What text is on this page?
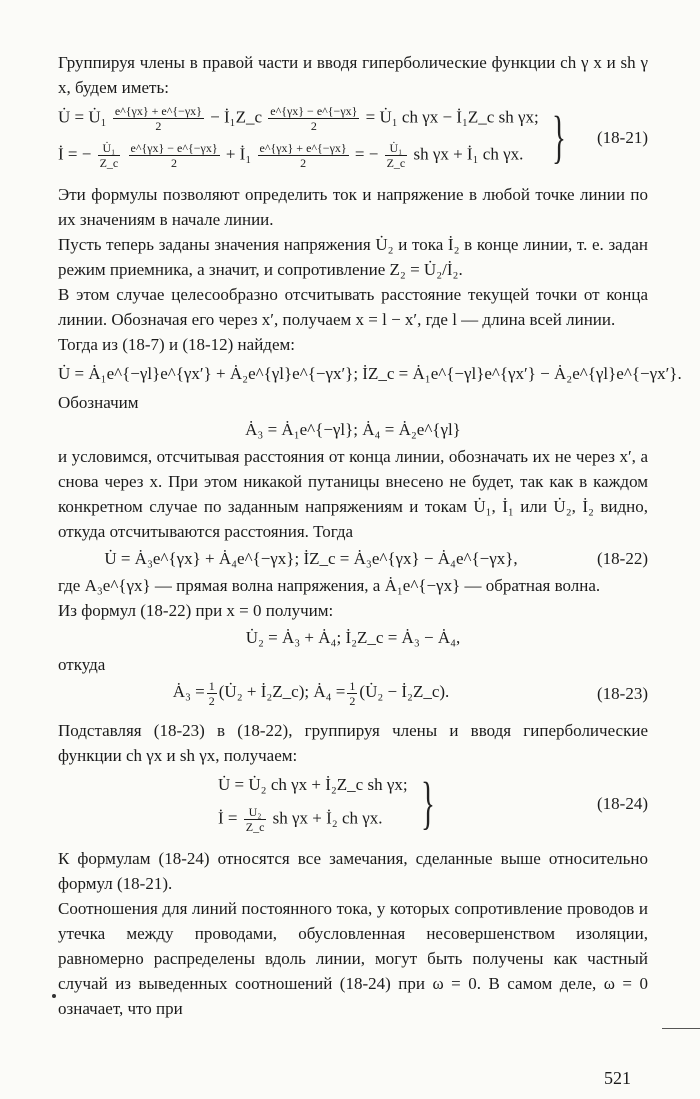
Группируя члены в правой части и вводя гиперболические функции ch γ x и sh γ x, будем иметь:

U̇ = U̇₁ $\frac{e\^{}\{\gamma x\} + e\^{}\{-\gamma x\}}{2}$ − İ₁Z_c $\frac{e\^{}\{\gamma x\} - e\^{}\{-\gamma x\}}{2}$ = U̇₁ ch γx − İ₁Z_c sh γx;
İ = − $\frac{\text{U̇₁}}{Z\_c}$
$\frac{e\^{}\{\gamma x\} - e\^{}\{-\gamma x\}}{2}$ + İ₁ $\frac{e\^{}\{\gamma x\} + e\^{}\{-\gamma x\}}{2}$ = − $\frac{\text{U̇₁}}{Z\_c}$ sh γx + İ₁ ch γx. } (18-21)

Эти формулы позволяют определить ток и напряжение в любой точке линии по их значениям в начале линии.

Пусть теперь заданы значения напряжения U̇₂ и тока İ₂ в конце линии, т. е. задан режим приемника, а значит, и сопротивление Z₂ = U̇₂/İ₂.

В этом случае целесообразно отсчитывать расстояние текущей точки от конца линии. Обозначая его через x′, получаем x = l − x′, где l — длина всей линии.

Тогда из (18-7) и (18-12) найдем:

U̇ = Ȧ₁e^{−γl}e^{γx′} + Ȧ₂e^{γl}e^{−γx′}; İZ_c = Ȧ₁e^{−γl}e^{γx′} − Ȧ₂e^{γl}e^{−γx′}.

Обозначим

Ȧ₃ = Ȧ₁e^{−γl}; Ȧ₄ = Ȧ₂e^{γl}

и условимся, отсчитывая расстояния от конца линии, обозначать их не через x′, а снова через x. При этом никакой путаницы внесено не будет, так как в каждом конкретном случае по заданным напряжениям и токам U̇₁, İ₁ или U̇₂, İ₂ видно, откуда отсчитываются расстояния. Тогда

U̇ = Ȧ₃e^{γx} + Ȧ₄e^{−γx}; İZ_c = Ȧ₃e^{γx} − Ȧ₄e^{−γx},	(18-22)

где A₃e^{γx} — прямая волна напряжения, а Ȧ₁e^{−γx} — обратная волна.

Из формул (18-22) при x = 0 получим:

U̇₂ = Ȧ₃ + Ȧ₄; İ₂Z_c = Ȧ₃ − Ȧ₄,

откуда

Ȧ₃ = $\frac{1}{2}$ (U̇₂ + İ₂Z_c); Ȧ₄ = $\frac{1}{2}$ (U̇₂ − İ₂Z_c).	(18-23)

Подставляя (18-23) в (18-22), группируя члены и вводя гиперболические функции ch γx и sh γx, получаем:

U̇ = U̇₂ ch γx + İ₂Z_c sh γx;
İ = $\frac{\text{U₂}}{Z\_c}$ sh γx + İ₂ ch γx. }	(18-24)

К формулам (18-24) относятся все замечания, сделанные выше относительно формул (18-21).

Соотношения для линий постоянного тока, у которых сопротивление проводов и утечка между проводами, обусловленная несовершенством изоляции, равномерно распределены вдоль линии, могут быть получены как частный случай из выведенных соотношений (18-24) при ω = 0. В самом деле, ω = 0 означает, что при

521
